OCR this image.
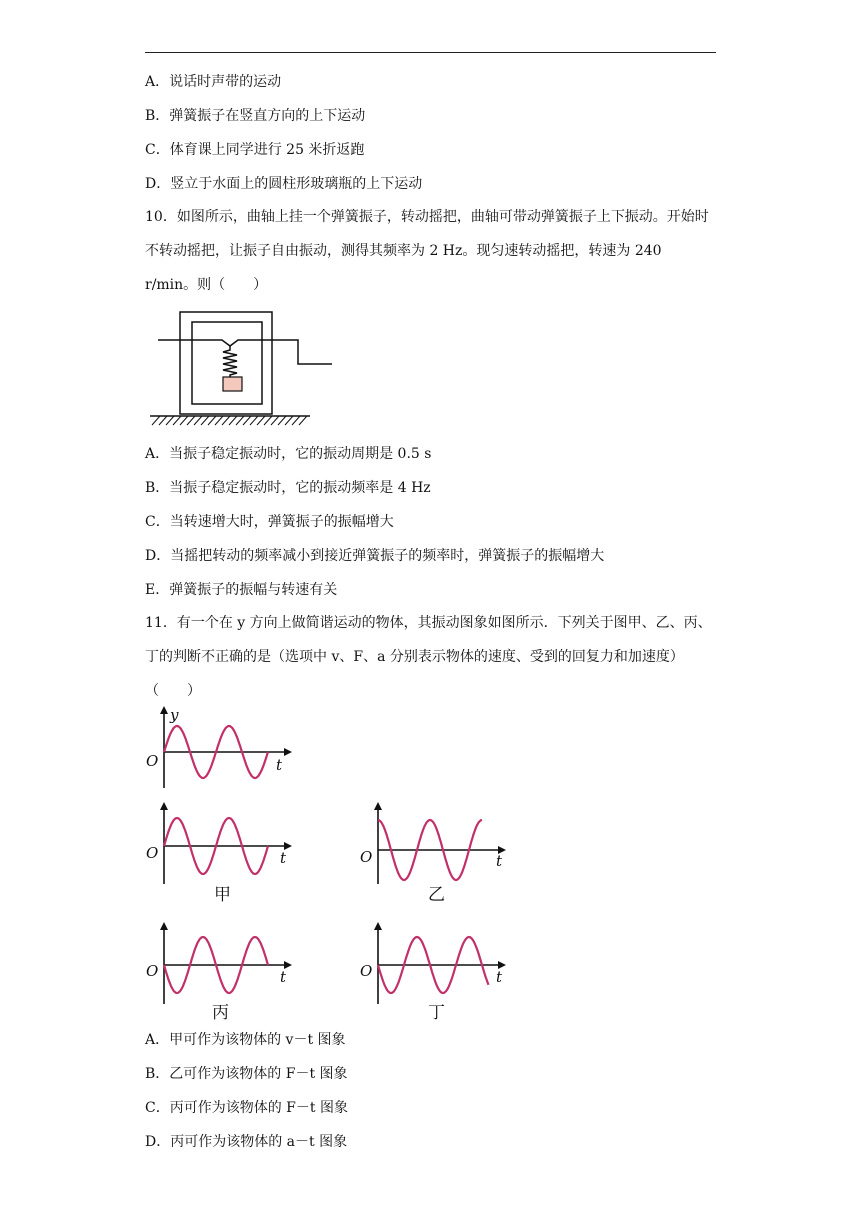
A．说话时声带的运动
B．弹簧振子在竖直方向的上下运动
C．体育课上同学进行 25 米折返跑
D．竖立于水面上的圆柱形玻璃瓶的上下运动
10．如图所示，曲轴上挂一个弹簧振子，转动摇把，曲轴可带动弹簧振子上下振动。开始时不转动摇把，让振子自由振动，测得其频率为 2 Hz。现匀速转动摇把，转速为 240 r/min。则（　　）
A．当振子稳定振动时，它的振动周期是 0.5 s
B．当振子稳定振动时，它的振动频率是 4 Hz
C．当转速增大时，弹簧振子的振幅增大
D．当摇把转动的频率减小到接近弹簧振子的频率时，弹簧振子的振幅增大
E．弹簧振子的振幅与转速有关
11．有一个在 y 方向上做简谐运动的物体，其振动图象如图所示．下列关于图甲、乙、丙、丁的判断不正确的是（选项中 v、F、a 分别表示物体的速度、受到的回复力和加速度）（　　）
y
t
O
t
O
甲
t
O
乙
t
O
丙
t
O
丁
A．甲可作为该物体的 v－t 图象
B．乙可作为该物体的 F－t 图象
C．丙可作为该物体的 F－t 图象
D．丙可作为该物体的 a－t 图象
